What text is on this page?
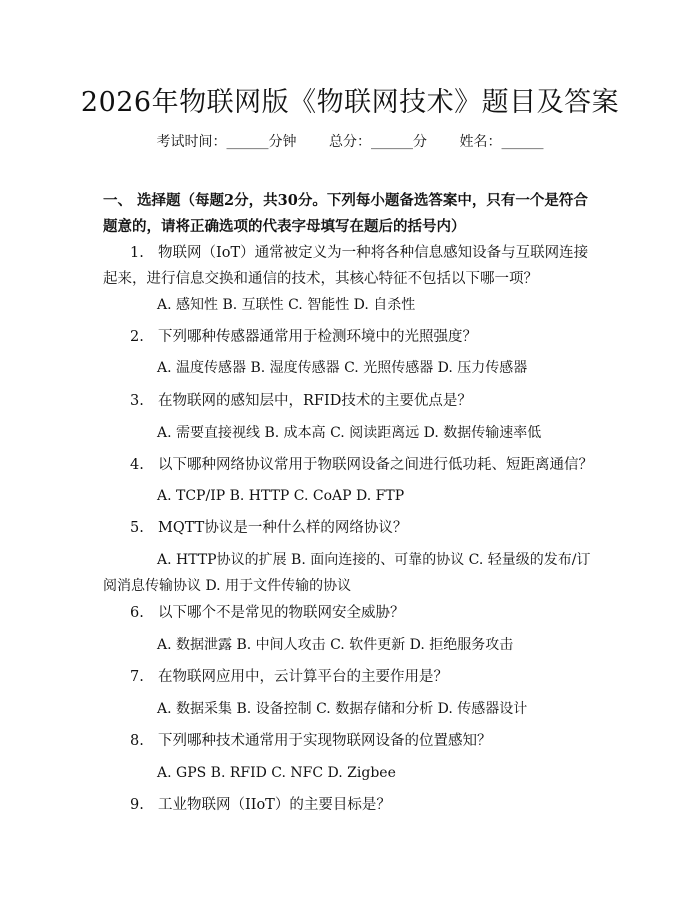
2026年物联网版《物联网技术》题目及答案
考试时间：______分钟 总分：______分 姓名：______
一、 选择题（每题2分，共30分。下列每小题备选答案中，只有一个是符合题意的，请将正确选项的代表字母填写在题后的括号内）
1. 物联网（IoT）通常被定义为一种将各种信息感知设备与互联网连接起来，进行信息交换和通信的技术，其核心特征不包括以下哪一项？
A. 感知性 B. 互联性 C. 智能性 D. 自杀性
2. 下列哪种传感器通常用于检测环境中的光照强度？
A. 温度传感器 B. 湿度传感器 C. 光照传感器 D. 压力传感器
3. 在物联网的感知层中，RFID技术的主要优点是？
A. 需要直接视线 B. 成本高 C. 阅读距离远 D. 数据传输速率低
4. 以下哪种网络协议常用于物联网设备之间进行低功耗、短距离通信？
A. TCP/IP B. HTTP C. CoAP D. FTP
5. MQTT协议是一种什么样的网络协议？
A. HTTP协议的扩展 B. 面向连接的、可靠的协议 C. 轻量级的发布/订阅消息传输协议 D. 用于文件传输的协议
6. 以下哪个不是常见的物联网安全威胁？
A. 数据泄露 B. 中间人攻击 C. 软件更新 D. 拒绝服务攻击
7. 在物联网应用中，云计算平台的主要作用是？
A. 数据采集 B. 设备控制 C. 数据存储和分析 D. 传感器设计
8. 下列哪种技术通常用于实现物联网设备的位置感知？
A. GPS B. RFID C. NFC D. Zigbee
9. 工业物联网（IIoT）的主要目标是？
